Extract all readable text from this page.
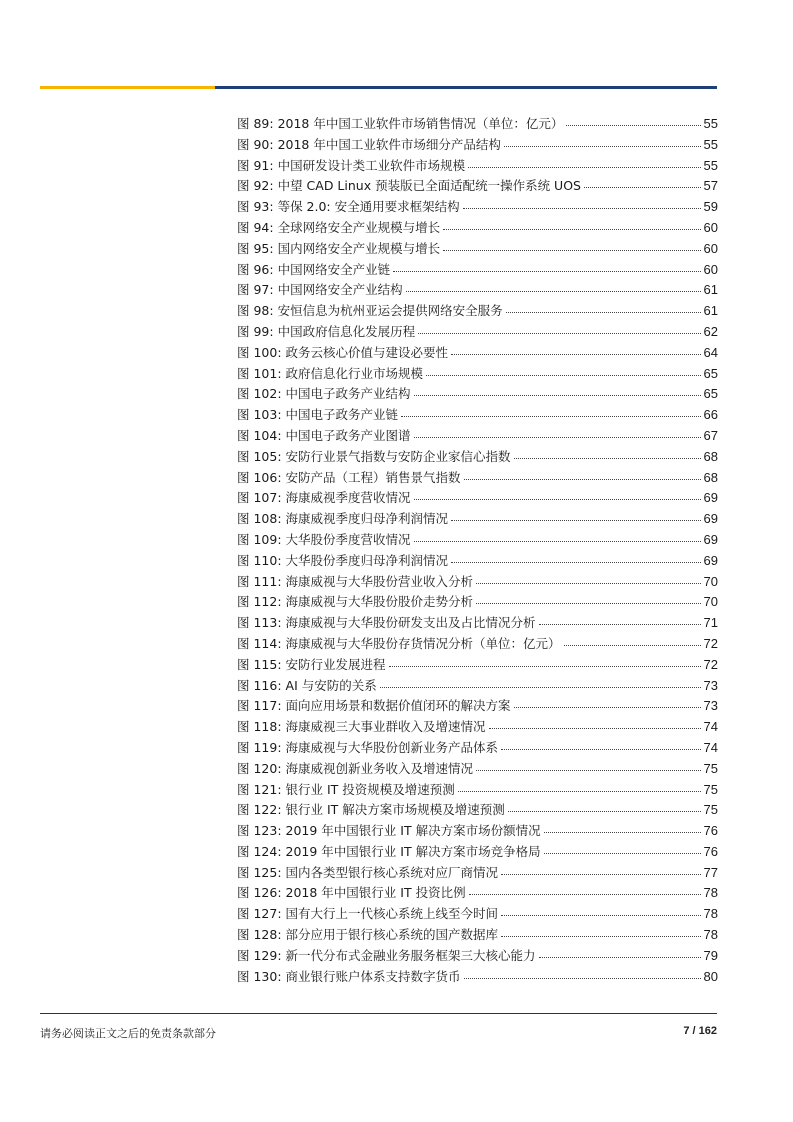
图 89: 2018 年中国工业软件市场销售情况（单位：亿元）	55
图 90: 2018 年中国工业软件市场细分产品结构	55
图 91: 中国研发设计类工业软件市场规模	55
图 92: 中望 CAD Linux 预装版已全面适配统一操作系统 UOS	57
图 93: 等保 2.0: 安全通用要求框架结构	59
图 94: 全球网络安全产业规模与增长	60
图 95: 国内网络安全产业规模与增长	60
图 96: 中国网络安全产业链	60
图 97: 中国网络安全产业结构	61
图 98: 安恒信息为杭州亚运会提供网络安全服务	61
图 99: 中国政府信息化发展历程	62
图 100: 政务云核心价值与建设必要性	64
图 101: 政府信息化行业市场规模	65
图 102: 中国电子政务产业结构	65
图 103: 中国电子政务产业链	66
图 104: 中国电子政务产业图谱	67
图 105: 安防行业景气指数与安防企业家信心指数	68
图 106: 安防产品（工程）销售景气指数	68
图 107: 海康威视季度营收情况	69
图 108: 海康威视季度归母净利润情况	69
图 109: 大华股份季度营收情况	69
图 110: 大华股份季度归母净利润情况	69
图 111: 海康威视与大华股份营业收入分析	70
图 112: 海康威视与大华股份股价走势分析	70
图 113: 海康威视与大华股份研发支出及占比情况分析	71
图 114: 海康威视与大华股份存货情况分析（单位：亿元）	72
图 115: 安防行业发展进程	72
图 116: AI 与安防的关系	73
图 117: 面向应用场景和数据价值闭环的解决方案	73
图 118: 海康威视三大事业群收入及增速情况	74
图 119: 海康威视与大华股份创新业务产品体系	74
图 120: 海康威视创新业务收入及增速情况	75
图 121: 银行业 IT 投资规模及增速预测	75
图 122: 银行业 IT 解决方案市场规模及增速预测	75
图 123: 2019 年中国银行业 IT 解决方案市场份额情况	76
图 124: 2019 年中国银行业 IT 解决方案市场竞争格局	76
图 125: 国内各类型银行核心系统对应厂商情况	77
图 126: 2018 年中国银行业 IT 投资比例	78
图 127: 国有大行上一代核心系统上线至今时间	78
图 128: 部分应用于银行核心系统的国产数据库	78
图 129: 新一代分布式金融业务服务框架三大核心能力	79
图 130: 商业银行账户体系支持数字货币	80
请务必阅读正文之后的免责条款部分	7 / 162
